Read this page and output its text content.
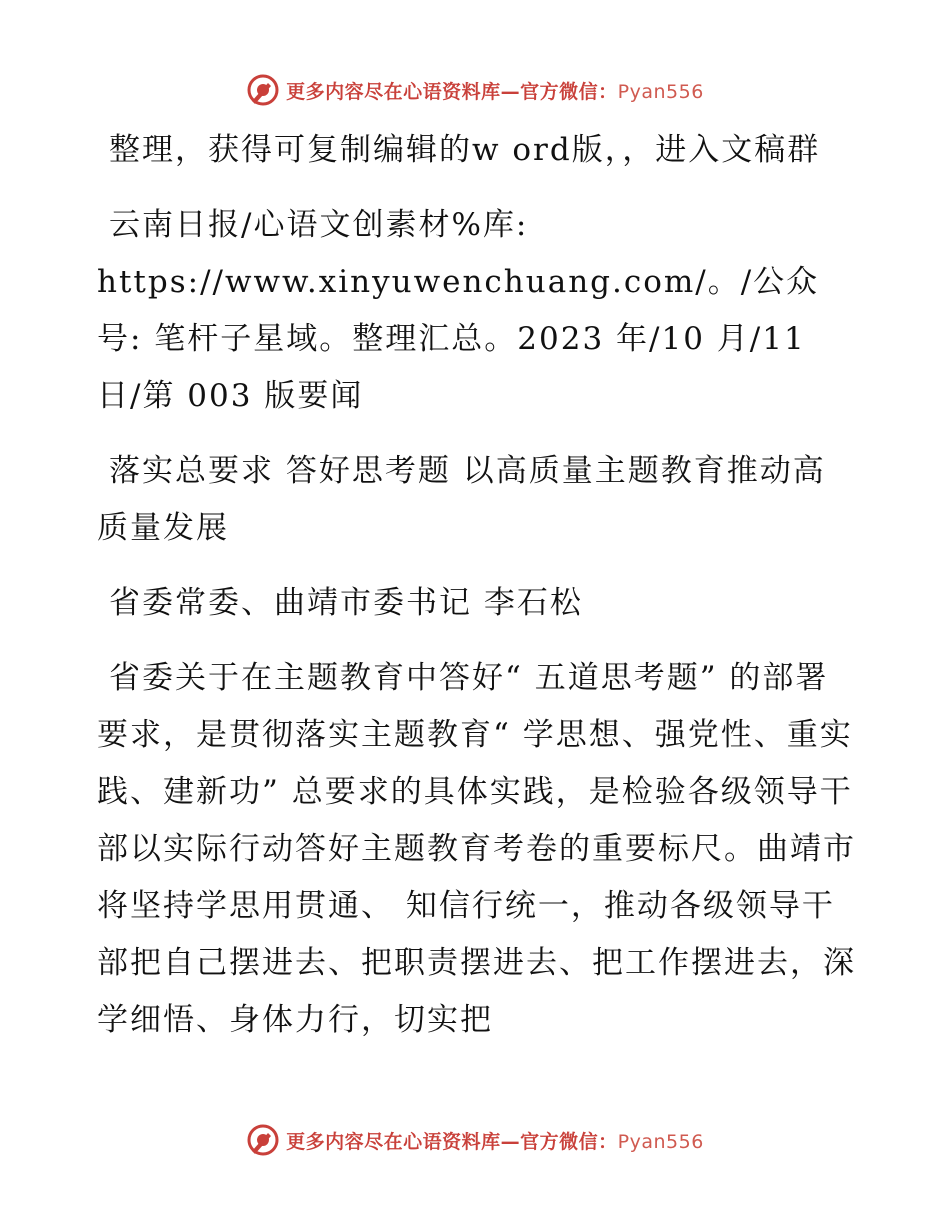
更多内容尽在心语资料库—官方微信：Pyan556

整理，获得可复制编辑的w ord版，，进入文稿群

云南日报/心语文创素材%库: https://www.xinyuwenchuang.com/。/公众号: 笔杆子星域。整理汇总。2023 年/10 月/11 日/第 003 版要闻

落实总要求 答好思考题 以高质量主题教育推动高质量发展

省委常委、曲靖市委书记 李石松

省委关于在主题教育中答好“ 五道思考题” 的部署要求，是贯彻落实主题教育“ 学思想、强党性、重实践、建新功” 总要求的具体实践，是检验各级领导干部以实际行动答好主题教育考卷的重要标尺。曲靖市将坚持学思用贯通、 知信行统一，推动各级领导干部把自己摆进去、把职责摆进去、把工作摆进去，深学细悟、身体力行，切实把

更多内容尽在心语资料库—官方微信：Pyan556
